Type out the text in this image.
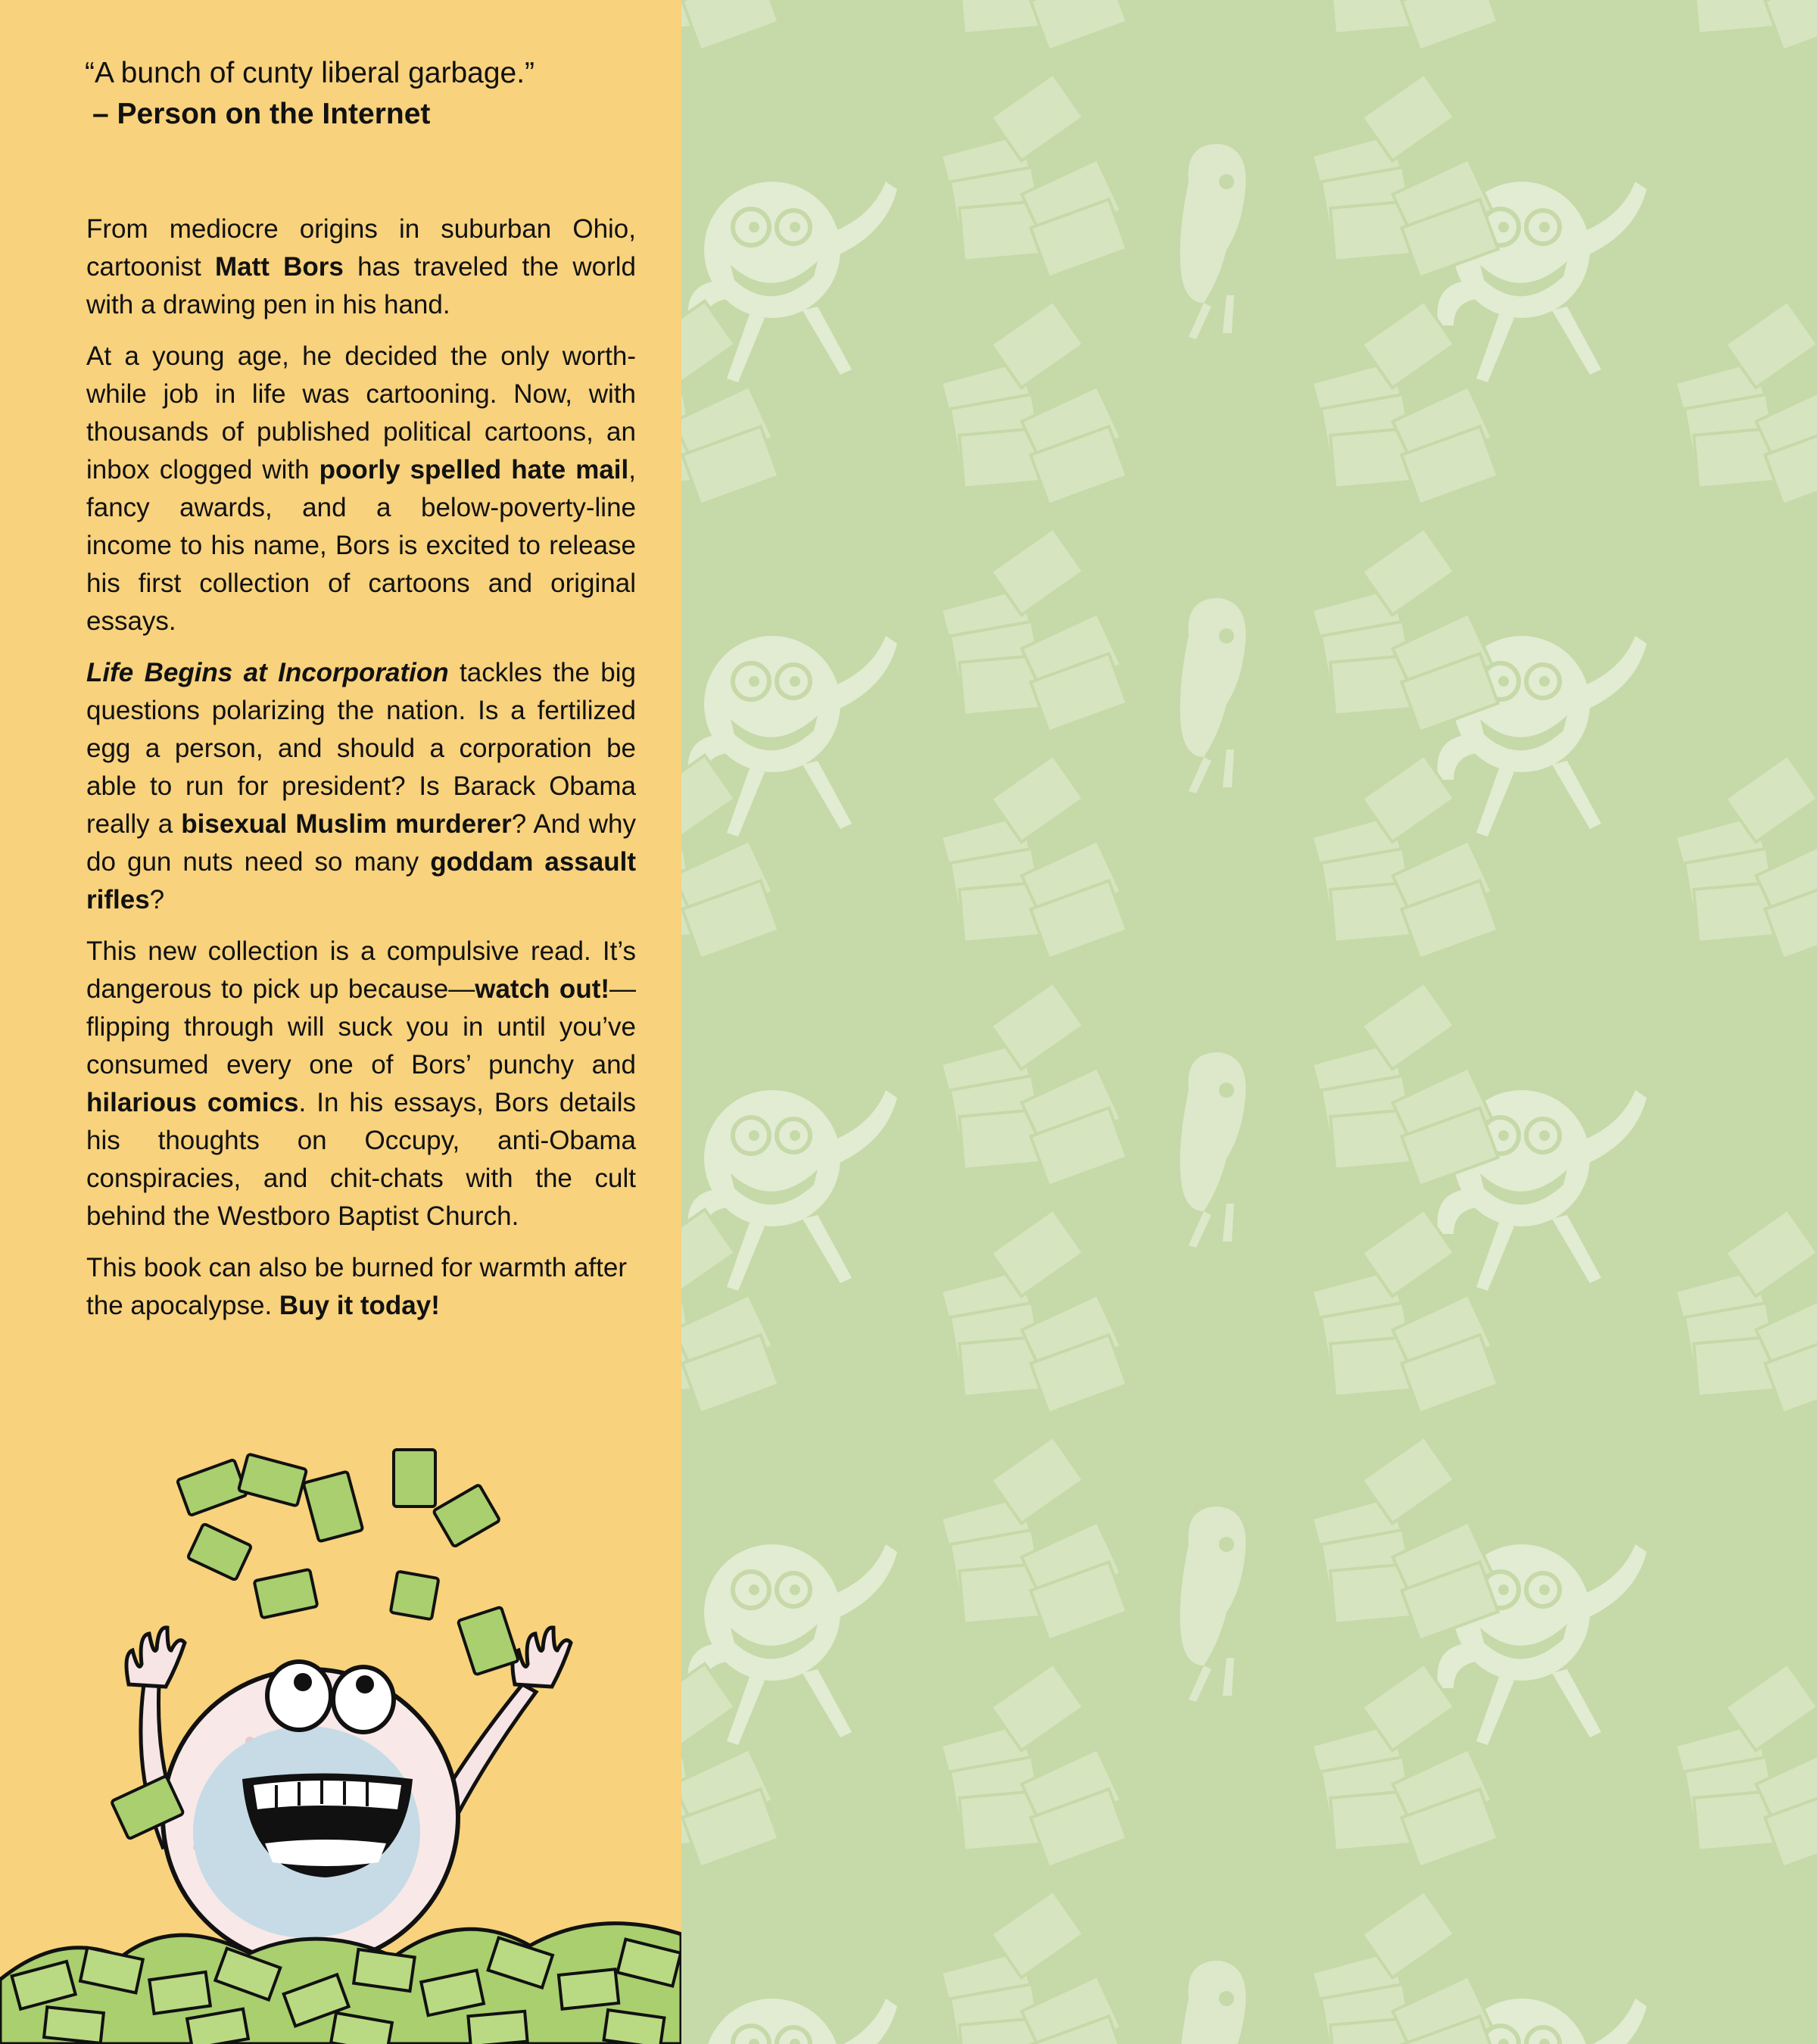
“A bunch of cunty liberal garbage.”
– Person on the Internet

From mediocre origins in suburban Ohio, cartoonist Matt Bors has traveled the world with a drawing pen in his hand.

At a young age, he decided the only worth-while job in life was cartooning. Now, with thousands of published political cartoons, an inbox clogged with poorly spelled hate mail, fancy awards, and a below-poverty-line income to his name, Bors is excited to release his first collection of cartoons and original essays.

Life Begins at Incorporation tackles the big questions polarizing the nation. Is a fertilized egg a person, and should a corporation be able to run for president? Is Barack Obama really a bisexual Muslim murderer? And why do gun nuts need so many goddam assault rifles?

This new collection is a compulsive read. It’s dangerous to pick up because—watch out!—flipping through will suck you in until you’ve consumed every one of Bors’ punchy and hilarious comics. In his essays, Bors details his thoughts on Occupy, anti-Obama conspiracies, and chit-chats with the cult behind the Westboro Baptist Church.

This book can also be burned for warmth after the apocalypse. Buy it today!
